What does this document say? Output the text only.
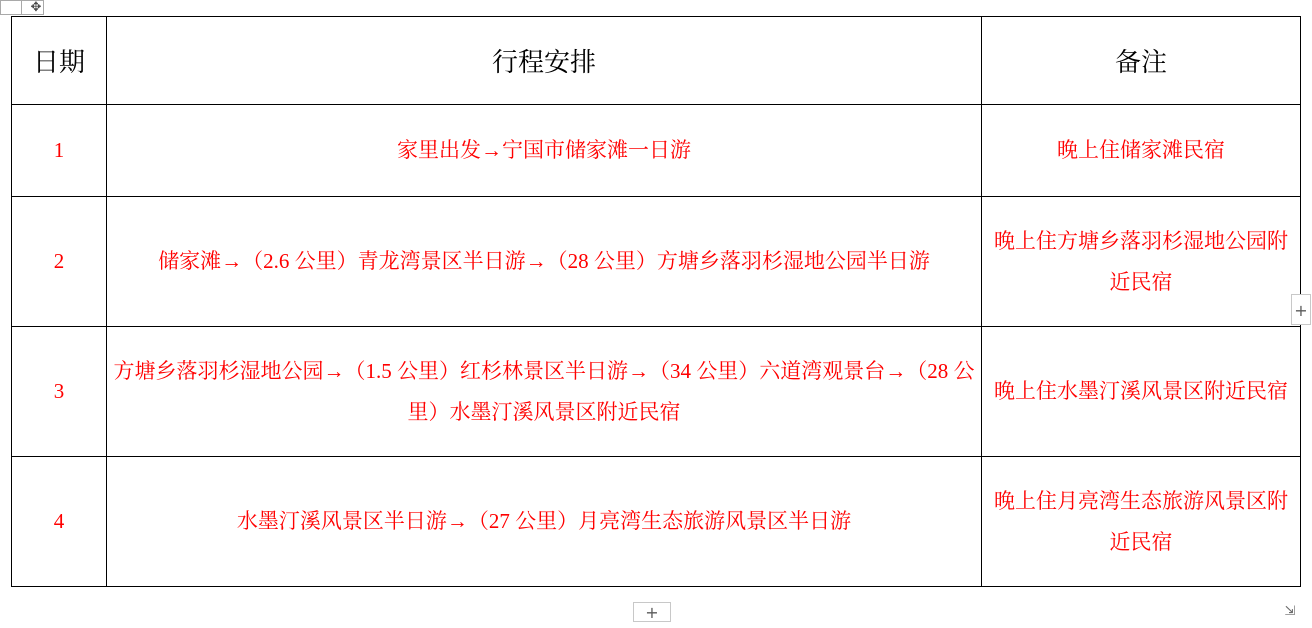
✥
日期	行程安排	备注
1	家里出发→宁国市储家滩一日游	晚上住储家滩民宿
2	储家滩→（2.6 公里）青龙湾景区半日游→（28 公里）方塘乡落羽杉湿地公园半日游	晚上住方塘乡落羽杉湿地公园附近民宿
3	方塘乡落羽杉湿地公园→（1.5 公里）红杉林景区半日游→（34 公里）六道湾观景台→（28 公里）水墨汀溪风景区附近民宿	晚上住水墨汀溪风景区附近民宿
4	水墨汀溪风景区半日游→（27 公里）月亮湾生态旅游风景区半日游	晚上住月亮湾生态旅游风景区附近民宿
+
+	⇲
